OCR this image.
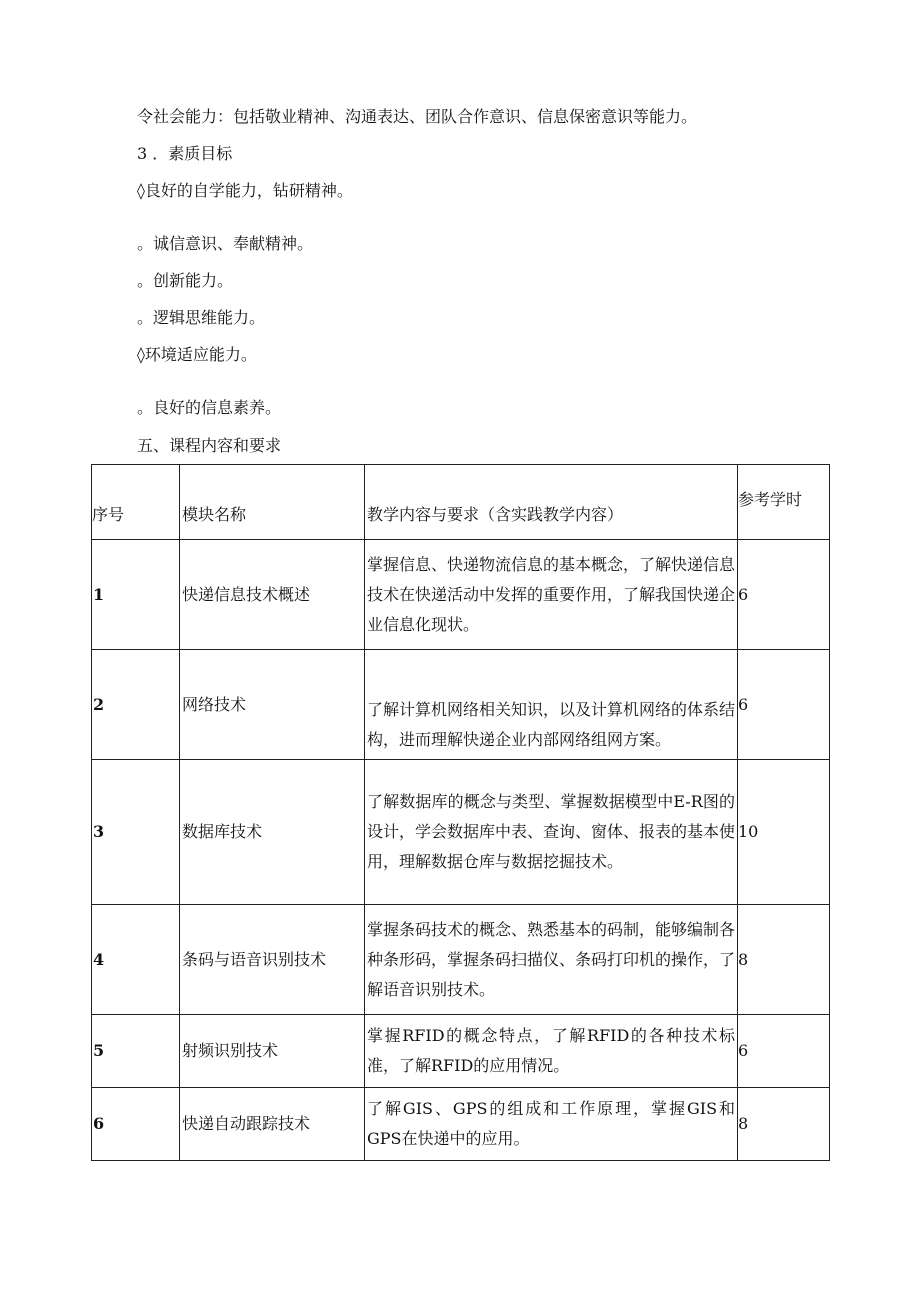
令社会能力：包括敬业精神、沟通表达、团队合作意识、信息保密意识等能力。
3 ．素质目标
◊良好的自学能力，钻研精神。
。诚信意识、奉献精神。
。创新能力。
。逻辑思维能力。
◊环境适应能力。
。良好的信息素养。
五、课程内容和要求
序号	模块名称	教学内容与要求（含实践教学内容）	参考学时
1	快递信息技术概述	掌握信息、快递物流信息的基本概念，了解快递信息技术在快递活动中发挥的重要作用，了解我国快递企业信息化现状。	6
2	网络技术	了解计算机网络相关知识，以及计算机网络的体系结构，进而理解快递企业内部网络组网方案。	6
3	数据库技术	了解数据库的概念与类型、掌握数据模型中E-R图的设计，学会数据库中表、查询、窗体、报表的基本使用，理解数据仓库与数据挖掘技术。	10
4	条码与语音识别技术	掌握条码技术的概念、熟悉基本的码制，能够编制各种条形码，掌握条码扫描仪、条码打印机的操作，了解语音识别技术。	8
5	射频识别技术	掌握RFID的概念特点，了解RFID的各种技术标准，了解RFID的应用情况。	6
6	快递自动跟踪技术	了解GIS、GPS的组成和工作原理，掌握GIS和GPS在快递中的应用。	8
